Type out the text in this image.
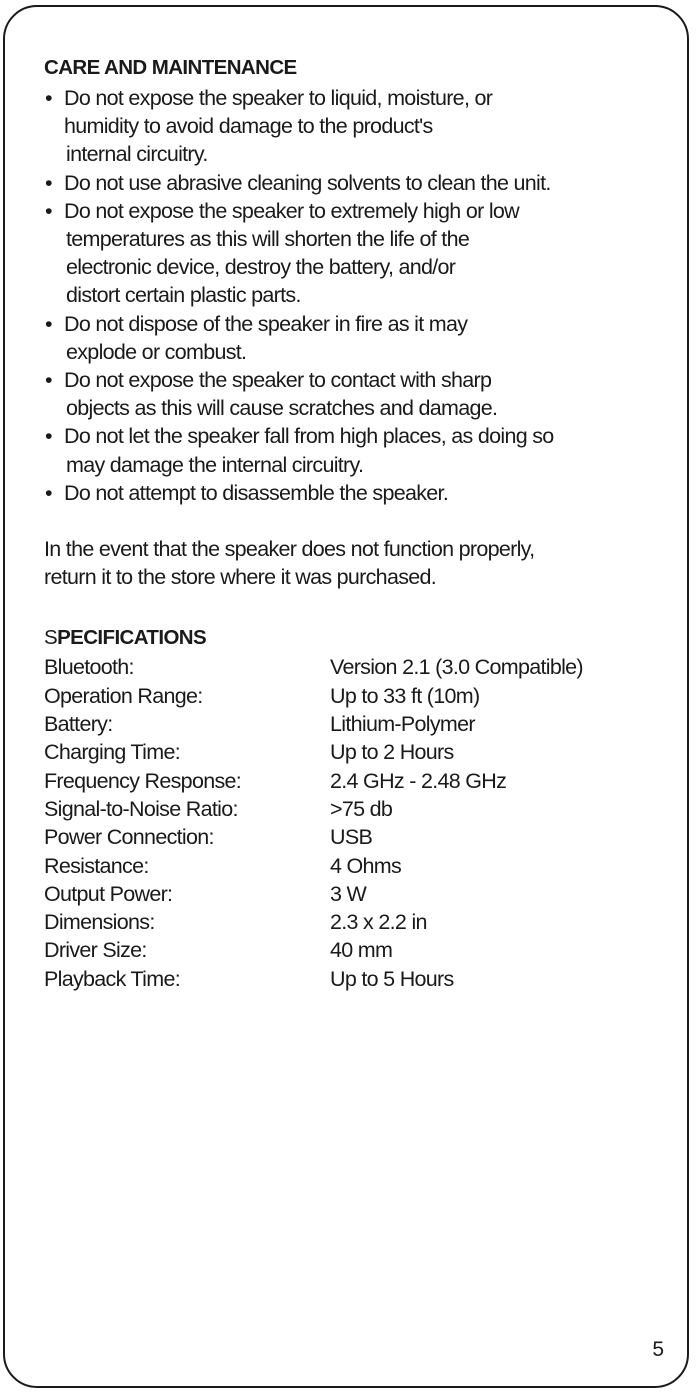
CARE AND MAINTENANCE
• Do not expose the speaker to liquid, moisture, or
humidity to avoid damage to the product's
internal circuitry.
• Do not use abrasive cleaning solvents to clean the unit.
• Do not expose the speaker to extremely high or low
temperatures as this will shorten the life of the
electronic device, destroy the battery, and/or
distort certain plastic parts.
• Do not dispose of the speaker in fire as it may
explode or combust.
• Do not expose the speaker to contact with sharp
objects as this will cause scratches and damage.
• Do not let the speaker fall from high places, as doing so
may damage the internal circuitry.
• Do not attempt to disassemble the speaker.

In the event that the speaker does not function properly,
return it to the store where it was purchased.

SPECIFICATIONS
Bluetooth:	Version 2.1 (3.0 Compatible)
Operation Range:	Up to 33 ft (10m)
Battery:	Lithium-Polymer
Charging Time:	Up to 2 Hours
Frequency Response:	2.4 GHz - 2.48 GHz
Signal-to-Noise Ratio:	>75 db
Power Connection:	USB
Resistance:	4 Ohms
Output Power:	3 W
Dimensions:	2.3 x 2.2 in
Driver Size:	40 mm
Playback Time:	Up to 5 Hours
5
